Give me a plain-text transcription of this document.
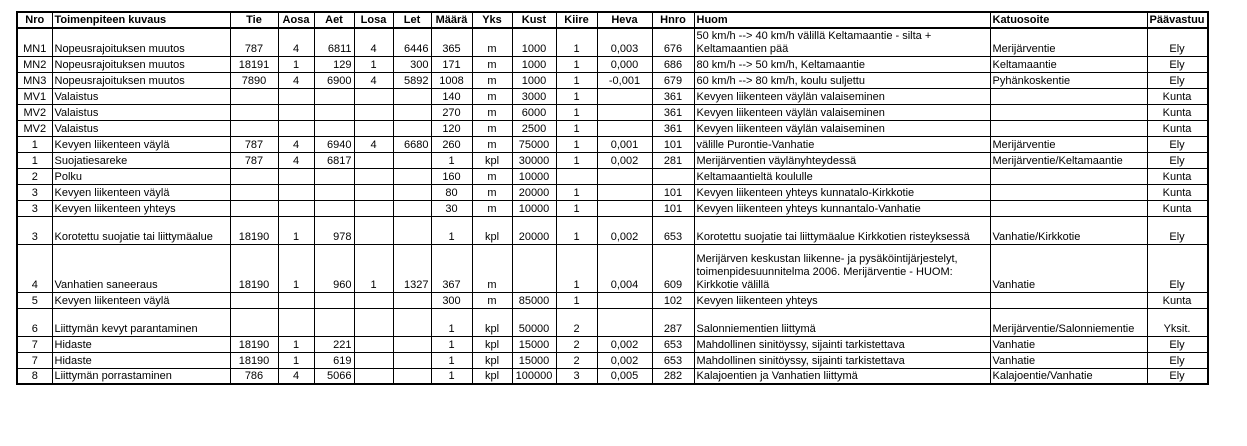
Nro	Toimenpiteen kuvaus	Tie	Aosa	Aet	Losa	Let	Määrä	Yks	Kust	Kiire	Heva	Hnro	Huom	Katuosoite	Päävastuu
MN1	Nopeusrajoituksen muutos	787	4	6811	4	6446	365	m	1000	1	0,003	676	50 km/h --> 40 km/h välillä Keltamaantie - silta + Keltamaantien pää	Merijärventie	Ely
MN2	Nopeusrajoituksen muutos	18191	1	129	1	300	171	m	1000	1	0,000	686	80 km/h --> 50 km/h, Keltamaantie	Keltamaantie	Ely
MN3	Nopeusrajoituksen muutos	7890	4	6900	4	5892	1008	m	1000	1	-0,001	679	60 km/h --> 80 km/h, koulu suljettu	Pyhänkoskentie	Ely
MV1	Valaistus						140	m	3000	1		361	Kevyen liikenteen väylän valaiseminen		Kunta
MV2	Valaistus						270	m	6000	1		361	Kevyen liikenteen väylän valaiseminen		Kunta
MV2	Valaistus						120	m	2500	1		361	Kevyen liikenteen väylän valaiseminen		Kunta
1	Kevyen liikenteen väylä	787	4	6940	4	6680	260	m	75000	1	0,001	101	välille Purontie-Vanhatie	Merijärventie	Ely
1	Suojatiesareke	787	4	6817			1	kpl	30000	1	0,002	281	Merijärventien väylänyhteydessä	Merijärventie/Keltamaantie	Ely
2	Polku						160	m	10000				Keltamaantieltä koululle		Kunta
3	Kevyen liikenteen väylä						80	m	20000	1		101	Kevyen liikenteen yhteys kunnatalo-Kirkkotie		Kunta
3	Kevyen liikenteen yhteys						30	m	10000	1		101	Kevyen liikenteen yhteys kunnantalo-Vanhatie		Kunta
3	Korotettu suojatie tai liittymäalue	18190	1	978			1	kpl	20000	1	0,002	653	Korotettu suojatie tai liittymäalue Kirkkotien risteyksessä	Vanhatie/Kirkkotie	Ely
4	Vanhatien saneeraus	18190	1	960	1	1327	367	m		1	0,004	609	Merijärven keskustan liikenne- ja pysäköintijärjestelyt, toimenpidesuunnitelma 2006. Merijärventie - HUOM: Kirkkotie välillä	Vanhatie	Ely
5	Kevyen liikenteen väylä						300	m	85000	1		102	Kevyen liikenteen yhteys		Kunta
6	Liittymän kevyt parantaminen						1	kpl	50000	2		287	Salonniementien liittymä	Merijärventie/Salonniementie	Yksit.
7	Hidaste	18190	1	221			1	kpl	15000	2	0,002	653	Mahdollinen sinitöyssy, sijainti tarkistettava	Vanhatie	Ely
7	Hidaste	18190	1	619			1	kpl	15000	2	0,002	653	Mahdollinen sinitöyssy, sijainti tarkistettava	Vanhatie	Ely
8	Liittymän porrastaminen	786	4	5066			1	kpl	100000	3	0,005	282	Kalajoentien ja Vanhatien liittymä	Kalajoentie/Vanhatie	Ely
